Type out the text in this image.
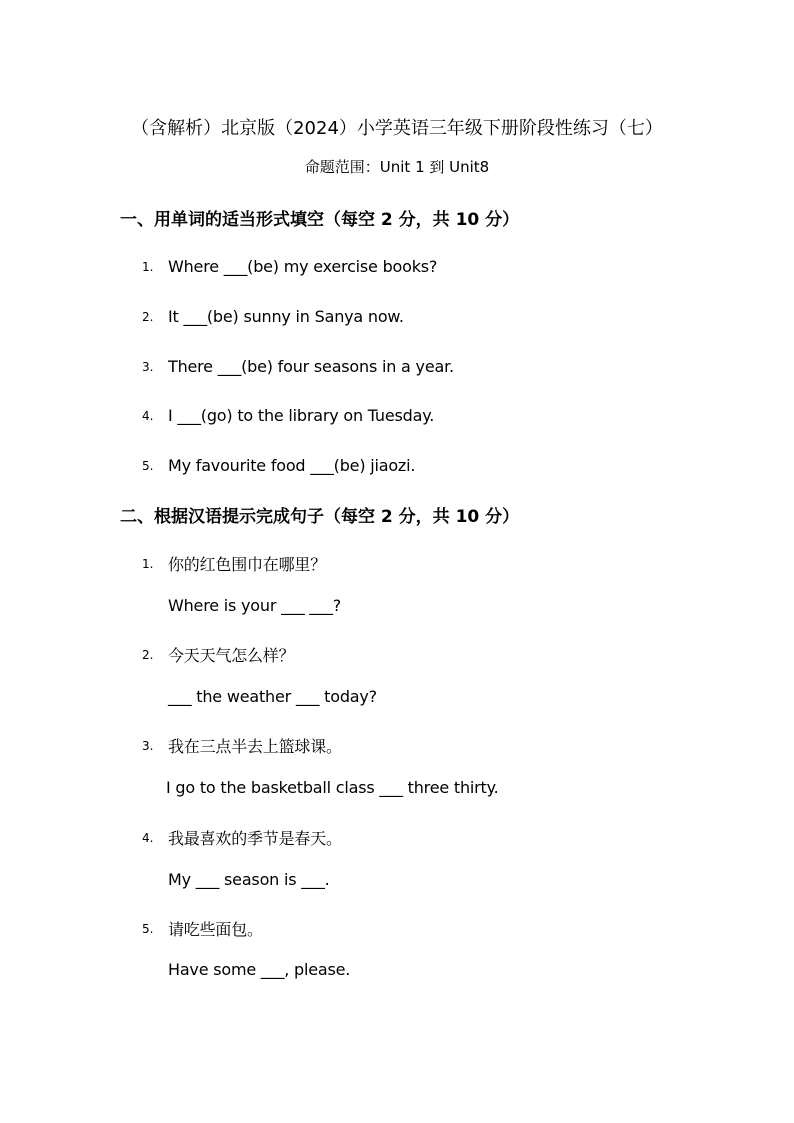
（含解析）北京版（2024）小学英语三年级下册阶段性练习（七）
命题范围：Unit 1 到 Unit8
一、用单词的适当形式填空（每空 2 分，共 10 分）
1. Where ___(be) my exercise books?
2. It ___(be) sunny in Sanya now.
3. There ___(be) four seasons in a year.
4. I ___(go) to the library on Tuesday.
5. My favourite food ___(be) jiaozi.
二、根据汉语提示完成句子（每空 2 分，共 10 分）
1. 你的红色围巾在哪里？
Where is your ___ ___?
2. 今天天气怎么样？
___ the weather ___ today?
3. 我在三点半去上篮球课。
I go to the basketball class ___ three thirty.
4. 我最喜欢的季节是春天。
My ___ season is ___.
5. 请吃些面包。
Have some ___, please.
